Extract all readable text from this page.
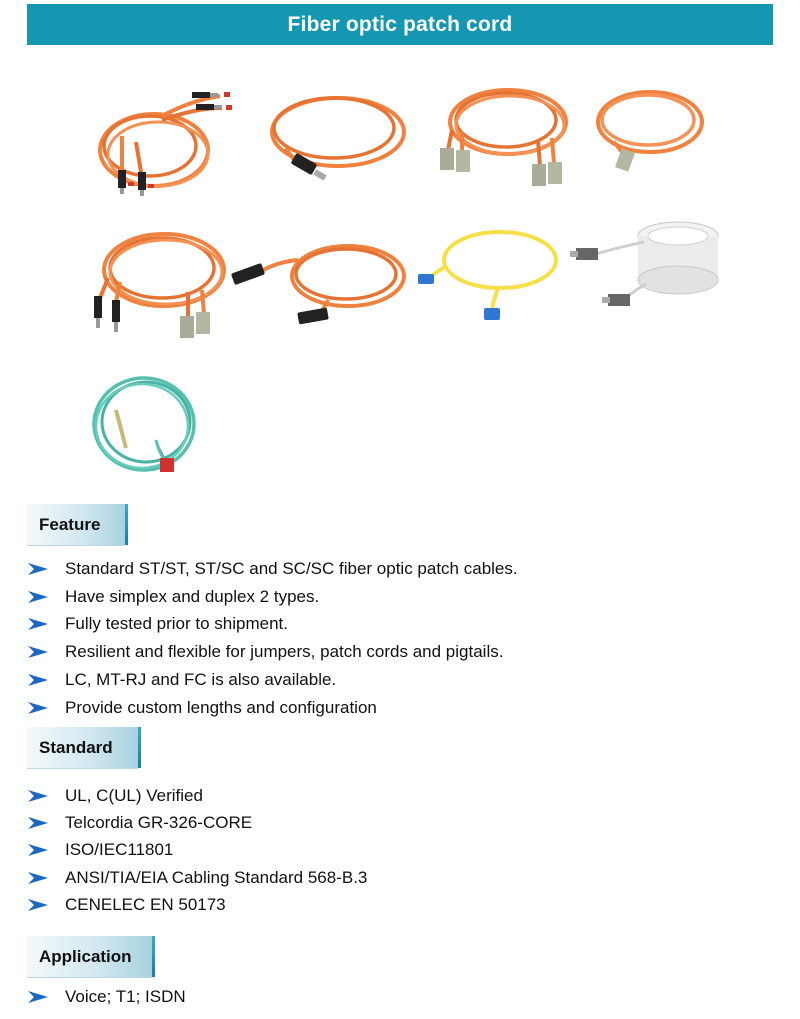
Fiber optic patch cord
Feature
Standard ST/ST, ST/SC and SC/SC fiber optic patch cables.
Have simplex and duplex 2 types.
Fully tested prior to shipment.
Resilient and flexible for jumpers, patch cords and pigtails.
LC, MT-RJ and FC is also available.
Provide custom lengths and configuration
Standard
UL, C(UL) Verified
Telcordia GR-326-CORE
ISO/IEC11801
ANSI/TIA/EIA Cabling Standard 568-B.3
CENELEC EN 50173
Application
Voice; T1; ISDN
